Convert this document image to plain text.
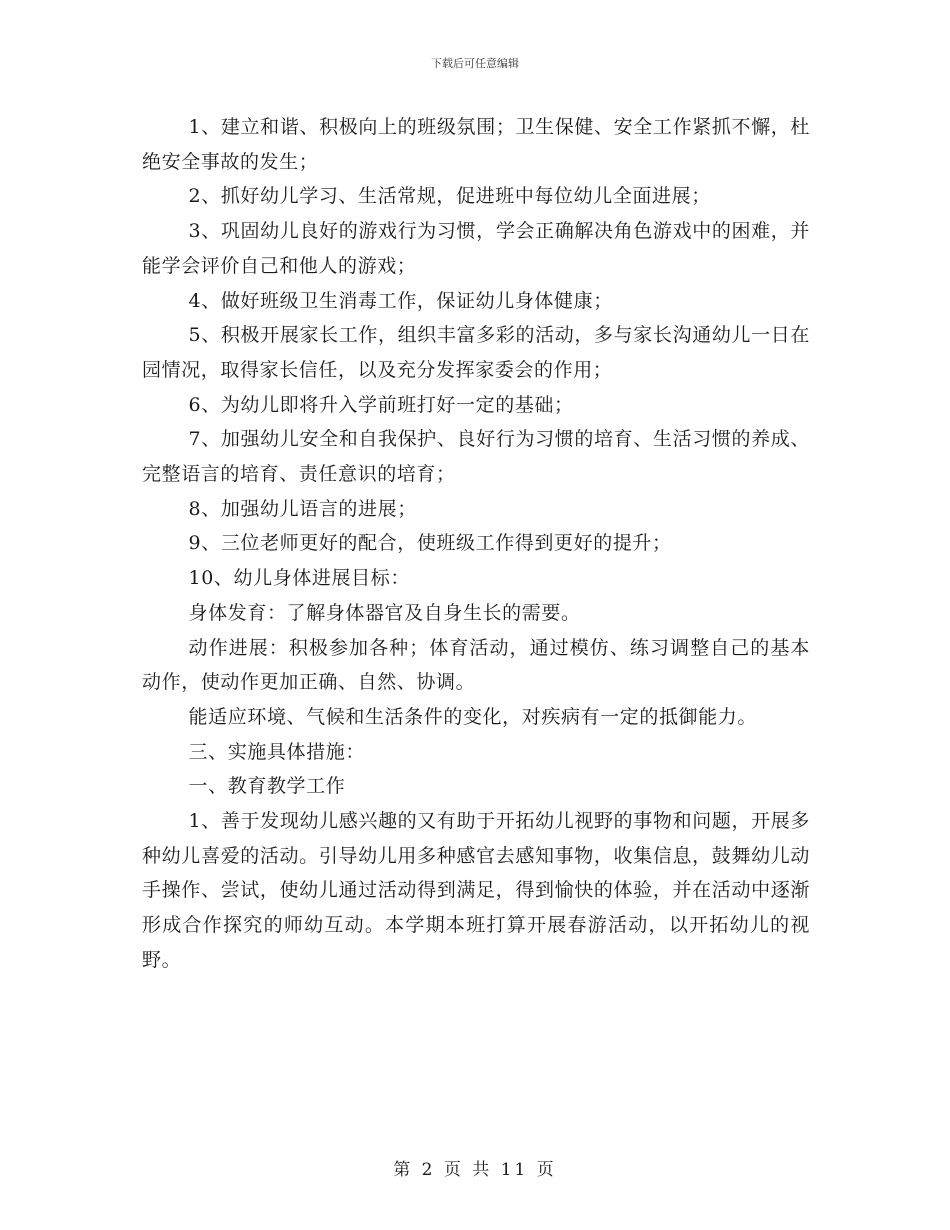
下载后可任意编辑

1、建立和谐、积极向上的班级氛围；卫生保健、安全工作紧抓不懈，杜绝安全事故的发生；

2、抓好幼儿学习、生活常规，促进班中每位幼儿全面进展；

3、巩固幼儿良好的游戏行为习惯，学会正确解决角色游戏中的困难，并能学会评价自己和他人的游戏；

4、做好班级卫生消毒工作，保证幼儿身体健康；

5、积极开展家长工作，组织丰富多彩的活动，多与家长沟通幼儿一日在园情况，取得家长信任，以及充分发挥家委会的作用；

6、为幼儿即将升入学前班打好一定的基础；

7、加强幼儿安全和自我保护、良好行为习惯的培育、生活习惯的养成、完整语言的培育、责任意识的培育；

8、加强幼儿语言的进展；

9、三位老师更好的配合，使班级工作得到更好的提升；

10、幼儿身体进展目标：

身体发育：了解身体器官及自身生长的需要。

动作进展：积极参加各种；体育活动，通过模仿、练习调整自己的基本动作，使动作更加正确、自然、协调。

能适应环境、气候和生活条件的变化，对疾病有一定的抵御能力。

三、实施具体措施：

一、教育教学工作

1、善于发现幼儿感兴趣的又有助于开拓幼儿视野的事物和问题，开展多种幼儿喜爱的活动。引导幼儿用多种感官去感知事物，收集信息，鼓舞幼儿动手操作、尝试，使幼儿通过活动得到满足，得到愉快的体验，并在活动中逐渐形成合作探究的师幼互动。本学期本班打算开展春游活动，以开拓幼儿的视野。

第 2 页 共 11 页
